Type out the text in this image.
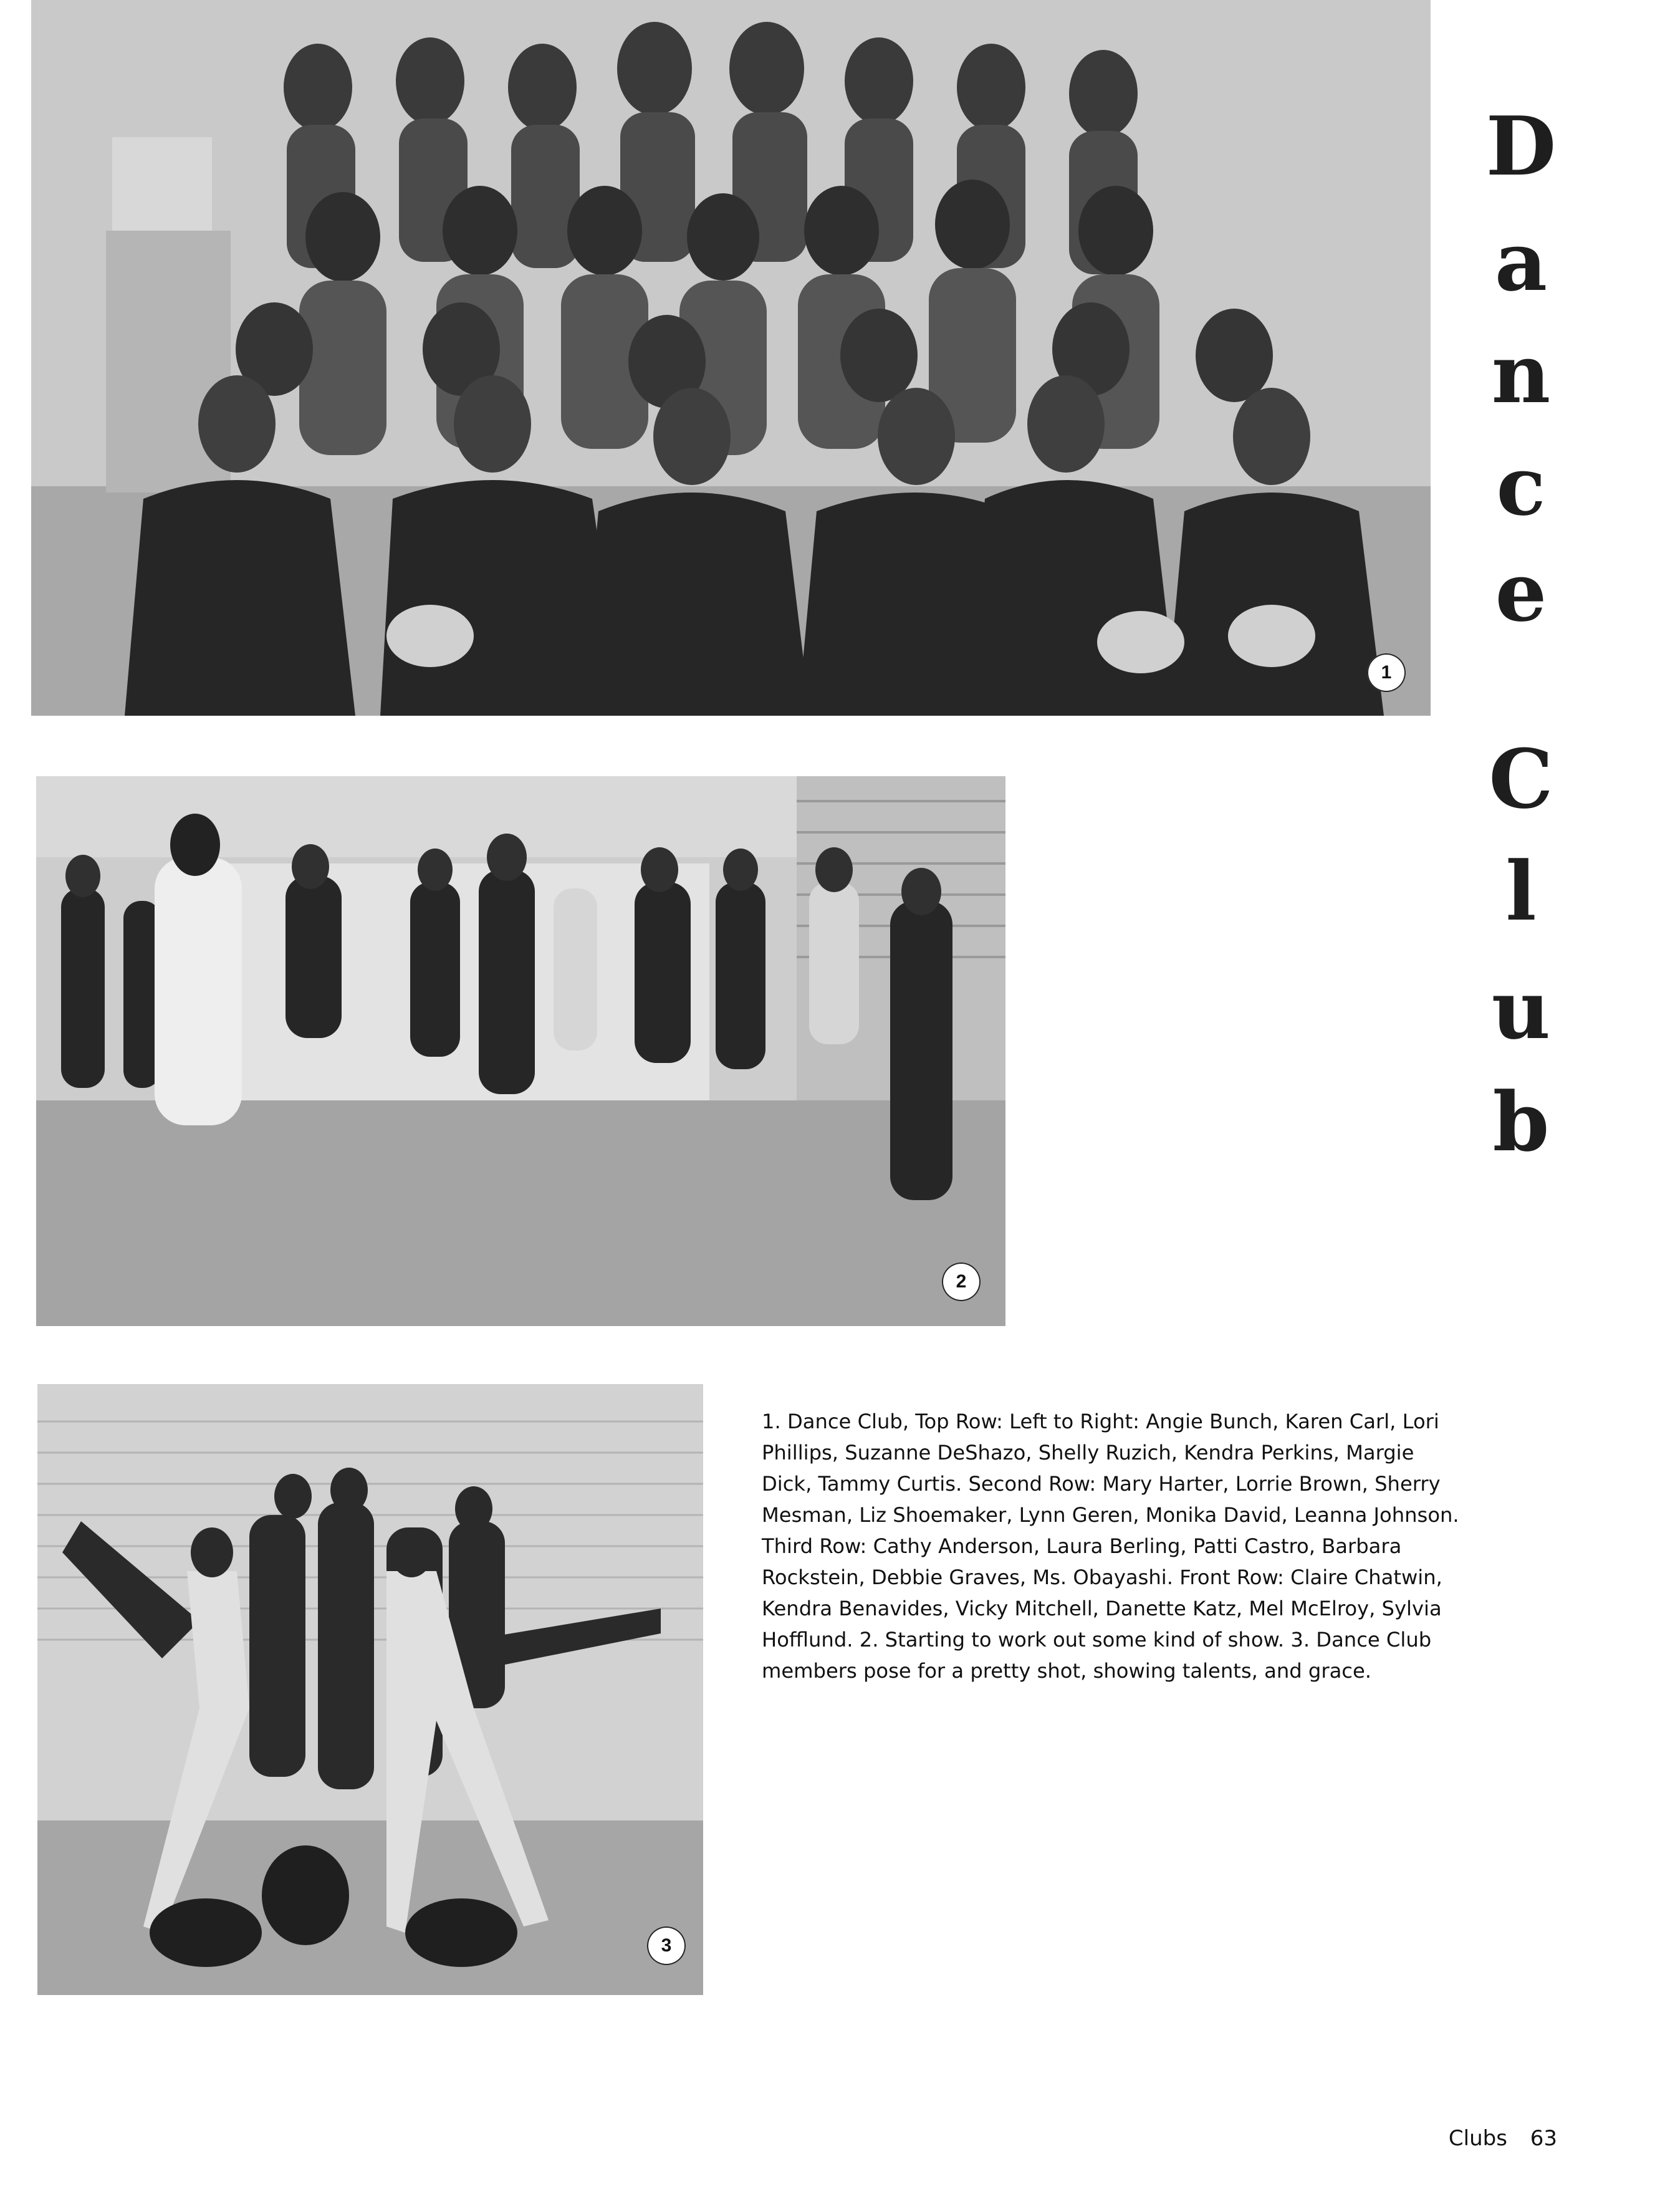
1
2
3
D
a
n
c
e
C
l
u
b

1. Dance Club, Top Row: Left to Right: Angie Bunch, Karen Carl, Lori Phillips, Suzanne DeShazo, Shelly Ruzich, Kendra Perkins, Margie Dick, Tammy Curtis. Second Row: Mary Harter, Lorrie Brown, Sherry Mesman, Liz Shoemaker, Lynn Geren, Monika David, Leanna Johnson. Third Row: Cathy Anderson, Laura Berling, Patti Castro, Barbara Rockstein, Debbie Graves, Ms. Obayashi. Front Row: Claire Chatwin, Kendra Benavides, Vicky Mitchell, Danette Katz, Mel McElroy, Sylvia Hofflund. 2. Starting to work out some kind of show. 3. Dance Club members pose for a pretty shot, showing talents, and grace.

Clubs 63
